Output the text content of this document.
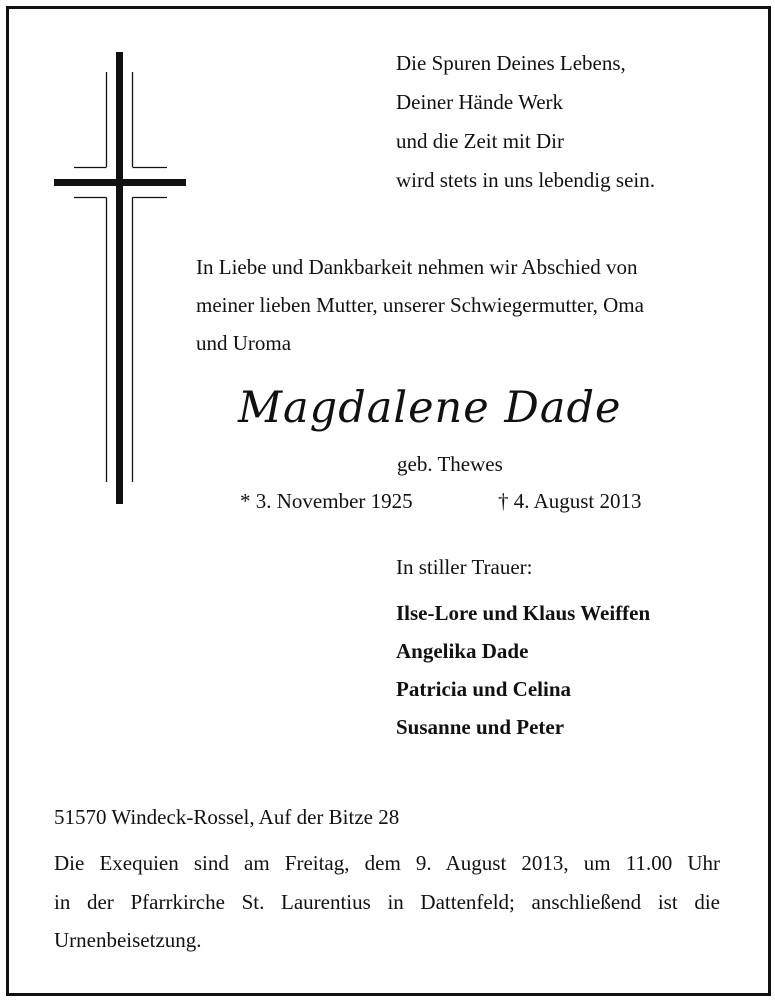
Die Spuren Deines Lebens,
Deiner Hände Werk
und die Zeit mit Dir
wird stets in uns lebendig sein.
In Liebe und Dankbarkeit nehmen wir Abschied von
meiner lieben Mutter, unserer Schwiegermutter, Oma
und Uroma
Magdalene Dade
geb. Thewes
* 3. November 1925	† 4. August 2013
In stiller Trauer:
Ilse-Lore und Klaus Weiffen
Angelika Dade
Patricia und Celina
Susanne und Peter
51570 Windeck-Rossel, Auf der Bitze 28
Die Exequien sind am Freitag, dem 9. August 2013, um 11.00 Uhr
in der Pfarrkirche St. Laurentius in Dattenfeld; anschließend ist die
Urnenbeisetzung.
